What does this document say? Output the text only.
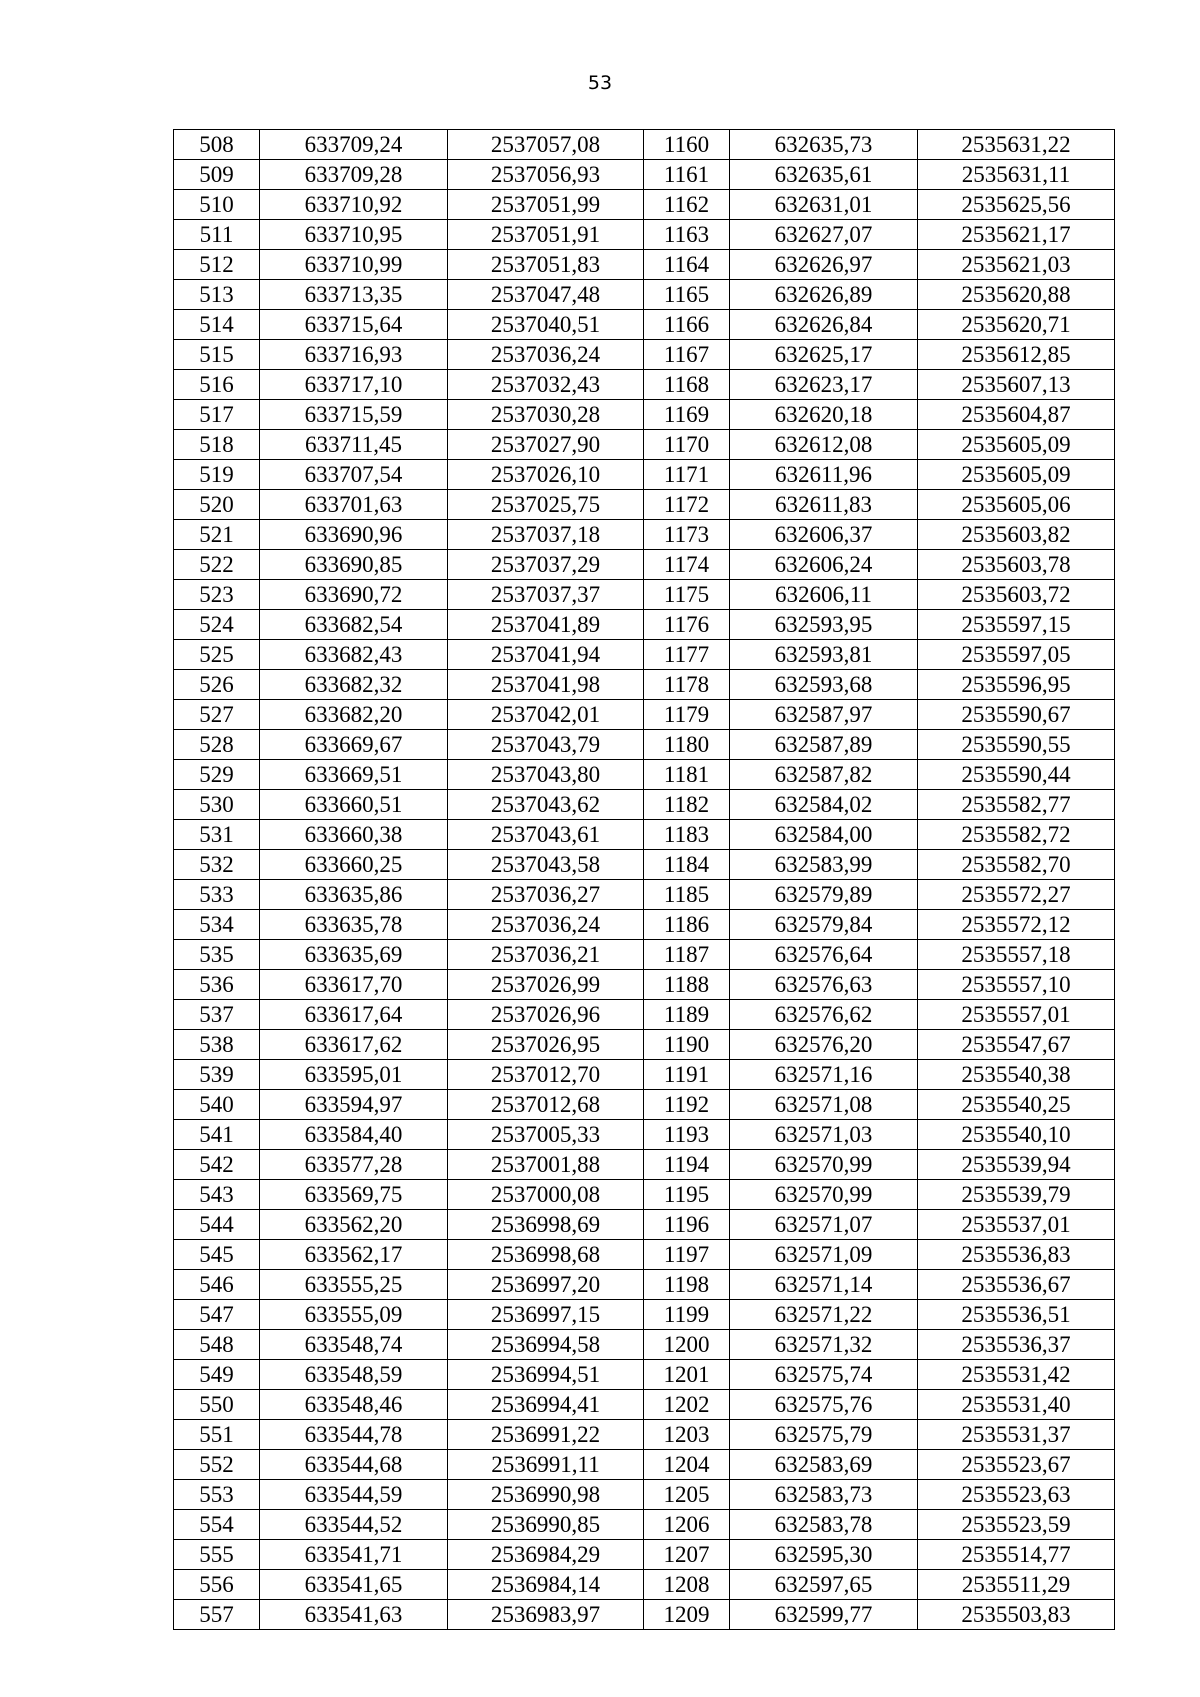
53
508	633709,24	2537057,08	1160	632635,73	2535631,22
509	633709,28	2537056,93	1161	632635,61	2535631,11
510	633710,92	2537051,99	1162	632631,01	2535625,56
511	633710,95	2537051,91	1163	632627,07	2535621,17
512	633710,99	2537051,83	1164	632626,97	2535621,03
513	633713,35	2537047,48	1165	632626,89	2535620,88
514	633715,64	2537040,51	1166	632626,84	2535620,71
515	633716,93	2537036,24	1167	632625,17	2535612,85
516	633717,10	2537032,43	1168	632623,17	2535607,13
517	633715,59	2537030,28	1169	632620,18	2535604,87
518	633711,45	2537027,90	1170	632612,08	2535605,09
519	633707,54	2537026,10	1171	632611,96	2535605,09
520	633701,63	2537025,75	1172	632611,83	2535605,06
521	633690,96	2537037,18	1173	632606,37	2535603,82
522	633690,85	2537037,29	1174	632606,24	2535603,78
523	633690,72	2537037,37	1175	632606,11	2535603,72
524	633682,54	2537041,89	1176	632593,95	2535597,15
525	633682,43	2537041,94	1177	632593,81	2535597,05
526	633682,32	2537041,98	1178	632593,68	2535596,95
527	633682,20	2537042,01	1179	632587,97	2535590,67
528	633669,67	2537043,79	1180	632587,89	2535590,55
529	633669,51	2537043,80	1181	632587,82	2535590,44
530	633660,51	2537043,62	1182	632584,02	2535582,77
531	633660,38	2537043,61	1183	632584,00	2535582,72
532	633660,25	2537043,58	1184	632583,99	2535582,70
533	633635,86	2537036,27	1185	632579,89	2535572,27
534	633635,78	2537036,24	1186	632579,84	2535572,12
535	633635,69	2537036,21	1187	632576,64	2535557,18
536	633617,70	2537026,99	1188	632576,63	2535557,10
537	633617,64	2537026,96	1189	632576,62	2535557,01
538	633617,62	2537026,95	1190	632576,20	2535547,67
539	633595,01	2537012,70	1191	632571,16	2535540,38
540	633594,97	2537012,68	1192	632571,08	2535540,25
541	633584,40	2537005,33	1193	632571,03	2535540,10
542	633577,28	2537001,88	1194	632570,99	2535539,94
543	633569,75	2537000,08	1195	632570,99	2535539,79
544	633562,20	2536998,69	1196	632571,07	2535537,01
545	633562,17	2536998,68	1197	632571,09	2535536,83
546	633555,25	2536997,20	1198	632571,14	2535536,67
547	633555,09	2536997,15	1199	632571,22	2535536,51
548	633548,74	2536994,58	1200	632571,32	2535536,37
549	633548,59	2536994,51	1201	632575,74	2535531,42
550	633548,46	2536994,41	1202	632575,76	2535531,40
551	633544,78	2536991,22	1203	632575,79	2535531,37
552	633544,68	2536991,11	1204	632583,69	2535523,67
553	633544,59	2536990,98	1205	632583,73	2535523,63
554	633544,52	2536990,85	1206	632583,78	2535523,59
555	633541,71	2536984,29	1207	632595,30	2535514,77
556	633541,65	2536984,14	1208	632597,65	2535511,29
557	633541,63	2536983,97	1209	632599,77	2535503,83
